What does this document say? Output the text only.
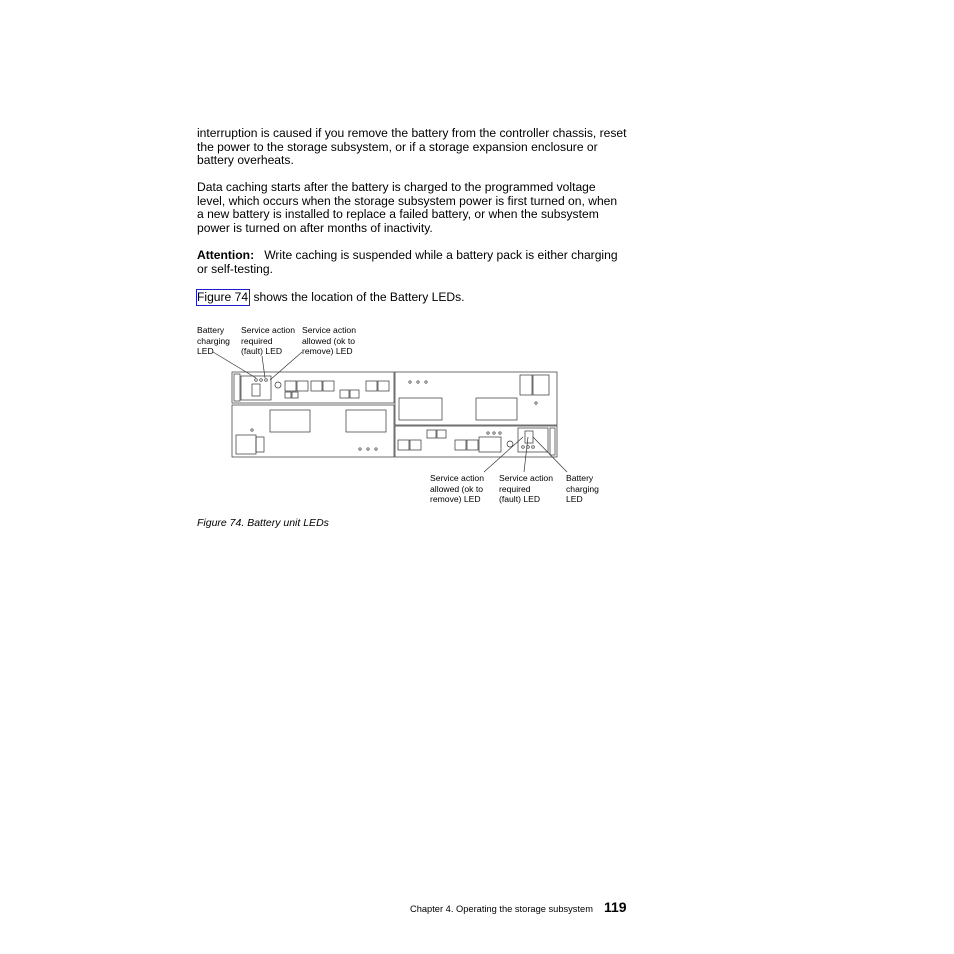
interruption is caused if you remove the battery from the controller chassis, reset the power to the storage subsystem, or if a storage expansion enclosure or battery overheats.

Data caching starts after the battery is charged to the programmed voltage level, which occurs when the storage subsystem power is first turned on, when a new battery is installed to replace a failed battery, or when the subsystem power is turned on after months of inactivity.

Attention: Write caching is suspended while a battery pack is either charging or self-testing.

Figure 74 shows the location of the Battery LEDs.

Battery
charging
LED

Service action
required
(fault) LED

Service action
allowed (ok to
remove) LED

Service action
allowed (ok to
remove) LED

Service action
required
(fault) LED

Battery
charging
LED

Figure 74. Battery unit LEDs

Chapter 4. Operating the storage subsystem 119
